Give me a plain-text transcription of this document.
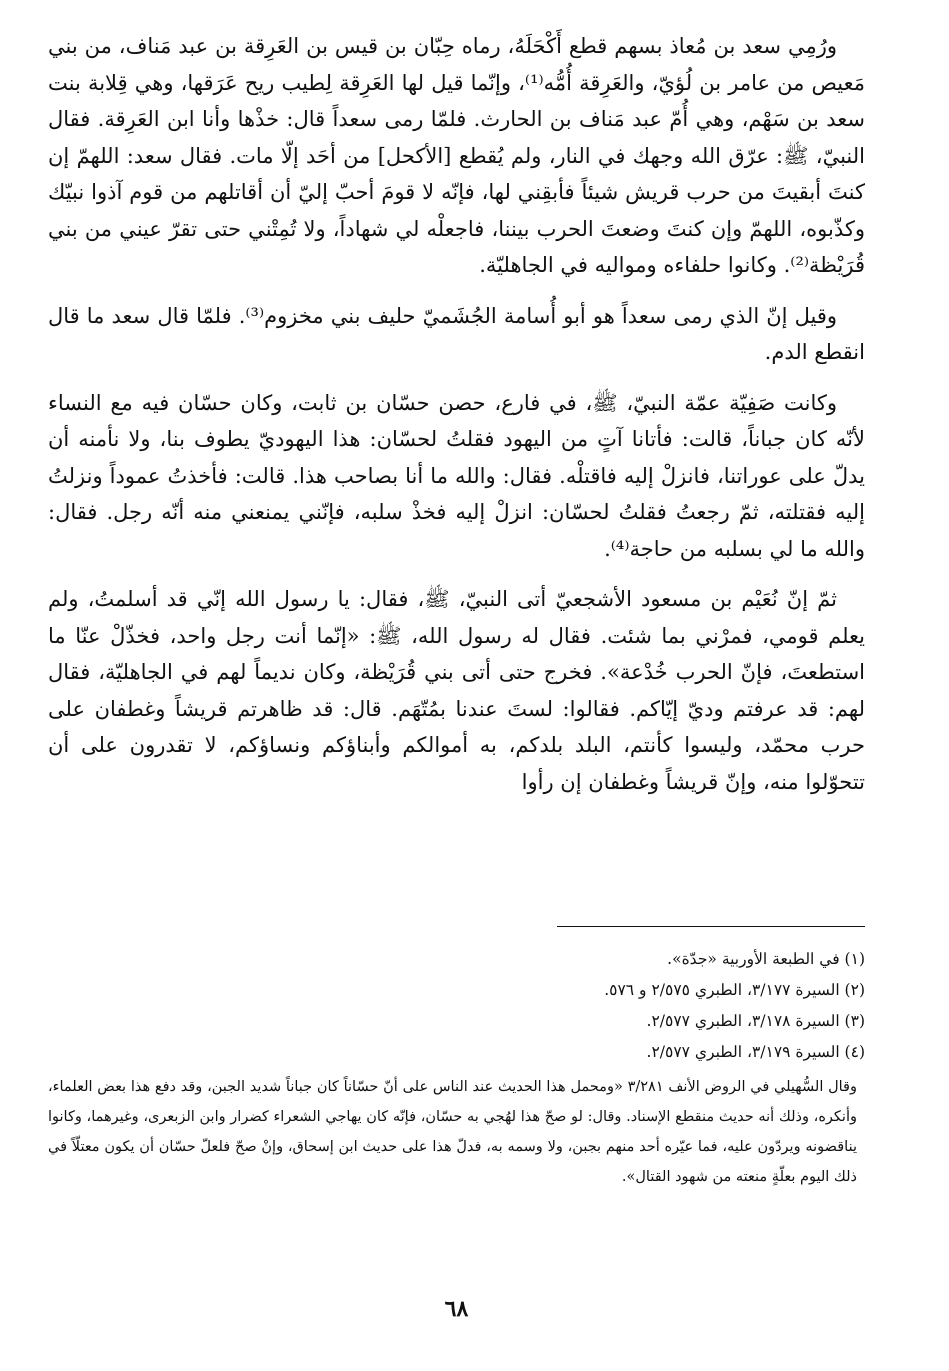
ورُمِي سعد بن مُعاذ بسهم قطع أَكْحَلَهُ، رماه حِبّان بن قيس بن العَرِقة بن عبد مَناف، من بني مَعيص من عامر بن لُؤيّ، والعَرِقة أُمُّه⁽¹⁾، وإنّما قيل لها العَرِقة لِطيب ريح عَرَقها، وهي قِلابة بنت سعد بن سَهْم، وهي أُمّ عبد مَناف بن الحارث. فلمّا رمى سعداً قال: خذْها وأنا ابن العَرِقة. فقال النبيّ، ﷺ: عرّق الله وجهك في النار، ولم يُقطع [الأكحل] من أحَد إلّا مات. فقال سعد: اللهمّ إن كنتَ أبقيتَ من حرب قريش شيئاً فأبقِني لها، فإنّه لا قومَ أحبّ إليّ أن أقاتلهم من قوم آذوا نبيّك وكذّبوه، اللهمّ وإن كنتَ وضعتَ الحرب بيننا، فاجعلْه لي شهاداً، ولا تُمِتْني حتى تقرّ عيني من بني قُرَيْظة⁽²⁾. وكانوا حلفاءه ومواليه في الجاهليّة.

وقيل إنّ الذي رمى سعداً هو أبو أُسامة الجُشَميّ حليف بني مخزوم⁽³⁾. فلمّا قال سعد ما قال انقطع الدم.

وكانت صَفِيّة عمّة النبيّ، ﷺ، في فارع، حصن حسّان بن ثابت، وكان حسّان فيه مع النساء لأنّه كان جباناً، قالت: فأتانا آتٍ من اليهود فقلتُ لحسّان: هذا اليهوديّ يطوف بنا، ولا نأمنه أن يدلّ على عوراتنا، فانزلْ إليه فاقتلْه. فقال: والله ما أنا بصاحب هذا. قالت: فأخذتُ عموداً ونزلتُ إليه فقتلته، ثمّ رجعتُ فقلتُ لحسّان: انزلْ إليه فخذْ سلبه، فإنّني يمنعني منه أنّه رجل. فقال: والله ما لي بسلبه من حاجة⁽⁴⁾.

ثمّ إنّ نُعَيْم بن مسعود الأشجعيّ أتى النبيّ، ﷺ، فقال: يا رسول الله إنّي قد أسلمتُ، ولم يعلم قومي، فمرْني بما شئت. فقال له رسول الله، ﷺ: «إنّما أنت رجل واحد، فخذّلْ عنّا ما استطعتَ، فإنّ الحرب خُدْعة». فخرج حتى أتى بني قُرَيْظة، وكان نديماً لهم في الجاهليّة، فقال لهم: قد عرفتم وديّ إيّاكم. فقالوا: لستَ عندنا بمُتّهَم. قال: قد ظاهرتم قريشاً وغطفان على حرب محمّد، وليسوا كأنتم، البلد بلدكم، به أموالكم وأبناؤكم ونساؤكم، لا تقدرون على أن تتحوّلوا منه، وإنّ قريشاً وغطفان إن رأوا

(١) في الطبعة الأوربية «جدّة».

(٢) السيرة ٣/١٧٧، الطبري ٢/٥٧٥ و ٥٧٦.

(٣) السيرة ٣/١٧٨، الطبري ٢/٥٧٧.

(٤) السيرة ٣/١٧٩، الطبري ٢/٥٧٧.

وقال السُّهيلي في الروض الأنف ٣/٢٨١ «ومحمل هذا الحديث عند الناس على أنّ حسّاناً كان جباناً شديد الجبن، وقد دفع هذا بعض العلماء، وأنكره، وذلك أنه حديث منقطع الإسناد. وقال: لو صحّ هذا لهُجي به حسّان، فإنّه كان يهاجي الشعراء كضرار وابن الزبعرى، وغيرهما، وكانوا يناقضونه ويردّون عليه، فما عيّره أحد منهم بجبن، ولا وسمه به، فدلّ هذا على حديث ابن إسحاق، وإنْ صحّ فلعلّ حسّان أن يكون معتلّاً في ذلك اليوم بعلّةٍ منعته من شهود القتال».

٦٨
